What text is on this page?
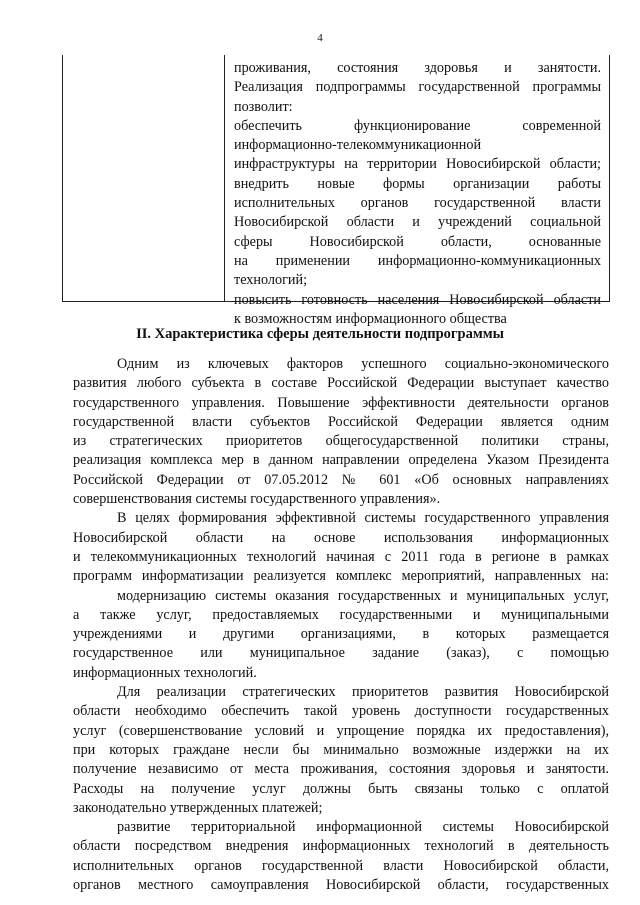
4
проживания, состояния здоровья и занятости.
Реализация подпрограммы государственной программы
позволит:
обеспечить функционирование современной
информационно-телекоммуникационной
инфраструктуры на территории Новосибирской области;
внедрить новые формы организации работы
исполнительных органов государственной власти
Новосибирской области и учреждений социальной
сферы Новосибирской области, основанные
на применении информационно-коммуникационных
технологий;
повысить готовность населения Новосибирской области
к возможностям информационного общества
II. Характеристика сферы деятельности подпрограммы
Одним из ключевых факторов успешного социально-экономического
развития любого субъекта в составе Российской Федерации выступает качество
государственного управления. Повышение эффективности деятельности органов
государственной власти субъектов Российской Федерации является одним
из стратегических приоритетов общегосударственной политики страны,
реализация комплекса мер в данном направлении определена Указом Президента
Российской Федерации от 07.05.2012 № 601 «Об основных направлениях
совершенствования системы государственного управления».
В целях формирования эффективной системы государственного управления
Новосибирской области на основе использования информационных
и телекоммуникационных технологий начиная с 2011 года в регионе в рамках
программ информатизации реализуется комплекс мероприятий, направленных на:
модернизацию системы оказания государственных и муниципальных услуг,
а также услуг, предоставляемых государственными и муниципальными
учреждениями и другими организациями, в которых размещается
государственное или муниципальное задание (заказ), с помощью
информационных технологий.
Для реализации стратегических приоритетов развития Новосибирской
области необходимо обеспечить такой уровень доступности государственных
услуг (совершенствование условий и упрощение порядка их предоставления),
при которых граждане несли бы минимально возможные издержки на их
получение независимо от места проживания, состояния здоровья и занятости.
Расходы на получение услуг должны быть связаны только с оплатой
законодательно утвержденных платежей;
развитие территориальной информационной системы Новосибирской
области посредством внедрения информационных технологий в деятельность
исполнительных органов государственной власти Новосибирской области,
органов местного самоуправления Новосибирской области, государственных
